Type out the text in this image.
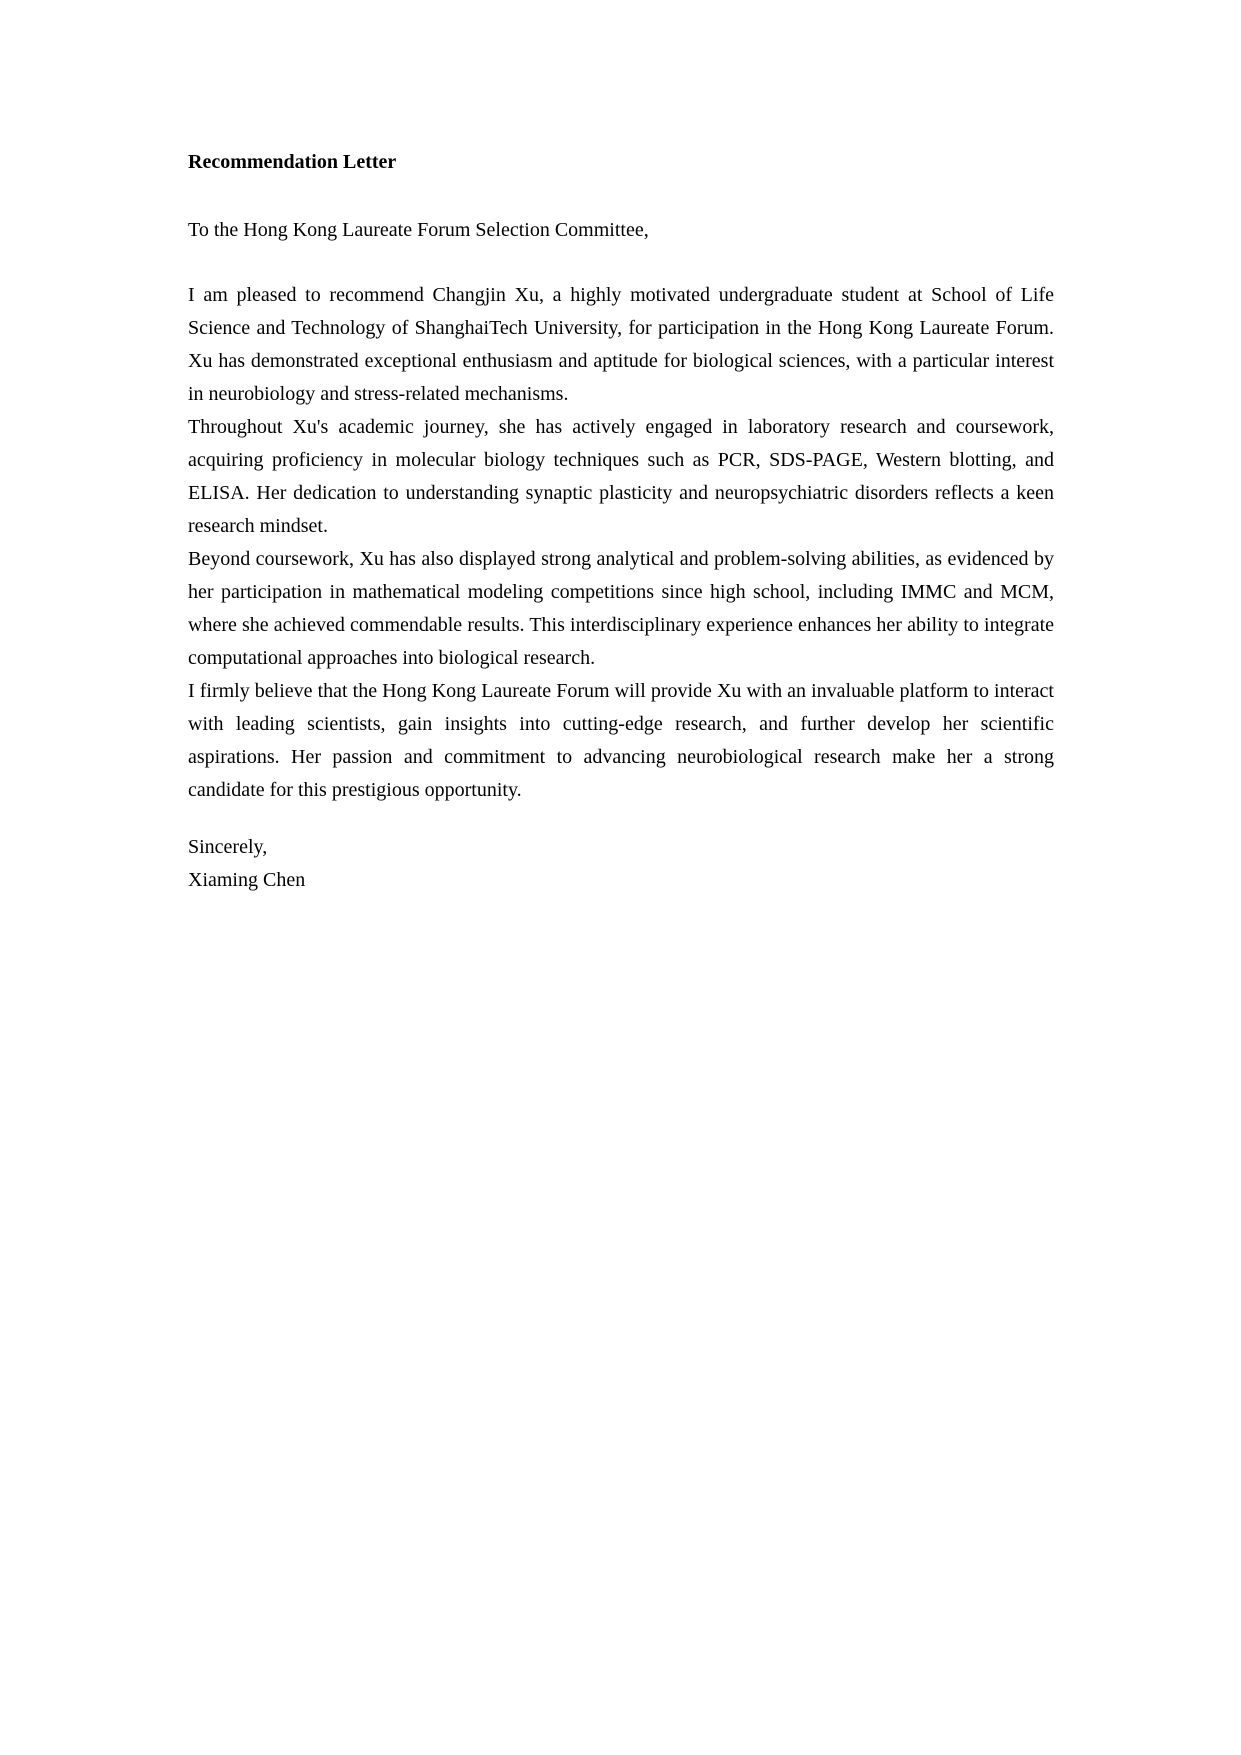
Recommendation Letter
To the Hong Kong Laureate Forum Selection Committee,

I am pleased to recommend Changjin Xu, a highly motivated undergraduate student at School of Life Science and Technology of ShanghaiTech University, for participation in the Hong Kong Laureate Forum. Xu has demonstrated exceptional enthusiasm and aptitude for biological sciences, with a particular interest in neurobiology and stress-related mechanisms.

Throughout Xu's academic journey, she has actively engaged in laboratory research and coursework, acquiring proficiency in molecular biology techniques such as PCR, SDS-PAGE, Western blotting, and ELISA. Her dedication to understanding synaptic plasticity and neuropsychiatric disorders reflects a keen research mindset.

Beyond coursework, Xu has also displayed strong analytical and problem-solving abilities, as evidenced by her participation in mathematical modeling competitions since high school, including IMMC and MCM, where she achieved commendable results. This interdisciplinary experience enhances her ability to integrate computational approaches into biological research.

I firmly believe that the Hong Kong Laureate Forum will provide Xu with an invaluable platform to interact with leading scientists, gain insights into cutting-edge research, and further develop her scientific aspirations. Her passion and commitment to advancing neurobiological research make her a strong candidate for this prestigious opportunity.

Sincerely,
Xiaming Chen
